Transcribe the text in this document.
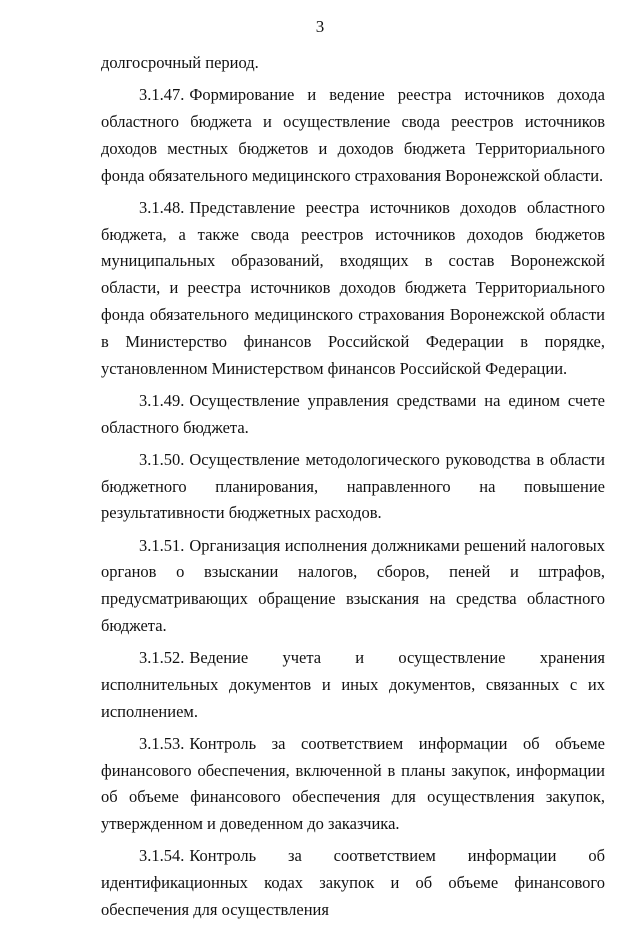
3

долгосрочный период.

3.1.47. Формирование и ведение реестра источников дохода областного бюджета и осуществление свода реестров источников доходов местных бюджетов и доходов бюджета Территориального фонда обязательного медицинского страхования Воронежской области.

3.1.48. Представление реестра источников доходов областного бюджета, а также свода реестров источников доходов бюджетов муниципальных образований, входящих в состав Воронежской области, и реестра источников доходов бюджета Территориального фонда обязательного медицинского страхования Воронежской области в Министерство финансов Российской Федерации в порядке, установленном Министерством финансов Российской Федерации.

3.1.49. Осуществление управления средствами на едином счете областного бюджета.

3.1.50. Осуществление методологического руководства в области бюджетного планирования, направленного на повышение результативности бюджетных расходов.

3.1.51. Организация исполнения должниками решений налоговых органов о взыскании налогов, сборов, пеней и штрафов, предусматривающих обращение взыскания на средства областного бюджета.

3.1.52. Ведение учета и осуществление хранения исполнительных документов и иных документов, связанных с их исполнением.

3.1.53. Контроль за соответствием информации об объеме финансового обеспечения, включенной в планы закупок, информации об объеме финансового обеспечения для осуществления закупок, утвержденном и доведенном до заказчика.

3.1.54. Контроль за соответствием информации об идентификационных кодах закупок и об объеме финансового обеспечения для осуществления
